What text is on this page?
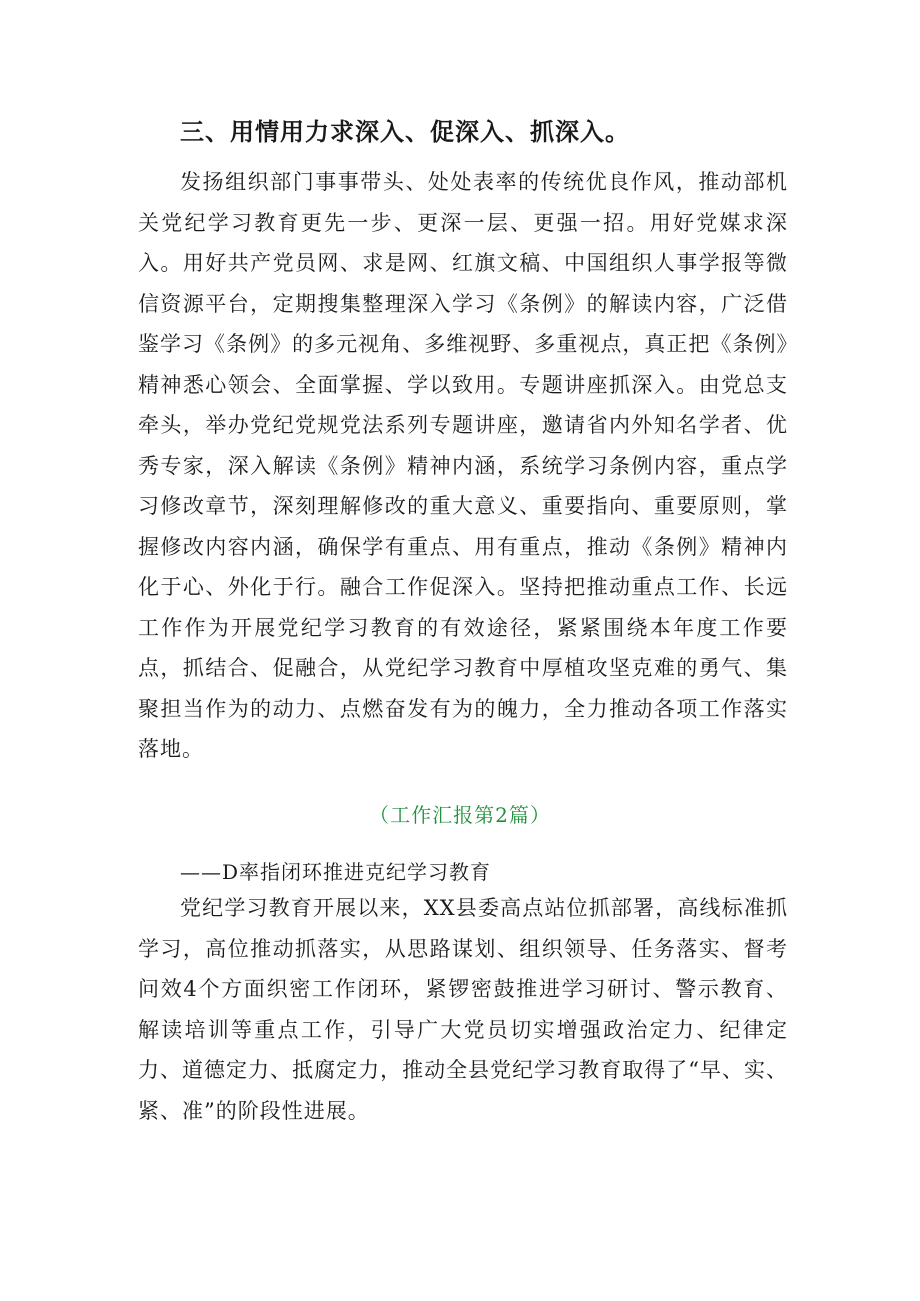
三、用情用力求深入、促深入、抓深入。

发扬组织部门事事带头、处处表率的传统优良作风，推动部机关党纪学习教育更先一步、更深一层、更强一招。用好党媒求深入。用好共产党员网、求是网、红旗文稿、中国组织人事学报等微信资源平台，定期搜集整理深入学习《条例》的解读内容，广泛借鉴学习《条例》的多元视角、多维视野、多重视点，真正把《条例》精神悉心领会、全面掌握、学以致用。专题讲座抓深入。由党总支牵头，举办党纪党规党法系列专题讲座，邀请省内外知名学者、优秀专家，深入解读《条例》精神内涵，系统学习条例内容，重点学习修改章节，深刻理解修改的重大意义、重要指向、重要原则，掌握修改内容内涵，确保学有重点、用有重点，推动《条例》精神内化于心、外化于行。融合工作促深入。坚持把推动重点工作、长远工作作为开展党纪学习教育的有效途径，紧紧围绕本年度工作要点，抓结合、促融合，从党纪学习教育中厚植攻坚克难的勇气、集聚担当作为的动力、点燃奋发有为的魄力，全力推动各项工作落实落地。

（工作汇报第2篇）

——D率指闭环推进克纪学习教育

党纪学习教育开展以来，XX县委高点站位抓部署，高线标准抓学习，高位推动抓落实，从思路谋划、组织领导、任务落实、督考问效4个方面织密工作闭环，紧锣密鼓推进学习研讨、警示教育、解读培训等重点工作，引导广大党员切实增强政治定力、纪律定力、道德定力、抵腐定力，推动全县党纪学习教育取得了“早、实、紧、准”的阶段性进展。
